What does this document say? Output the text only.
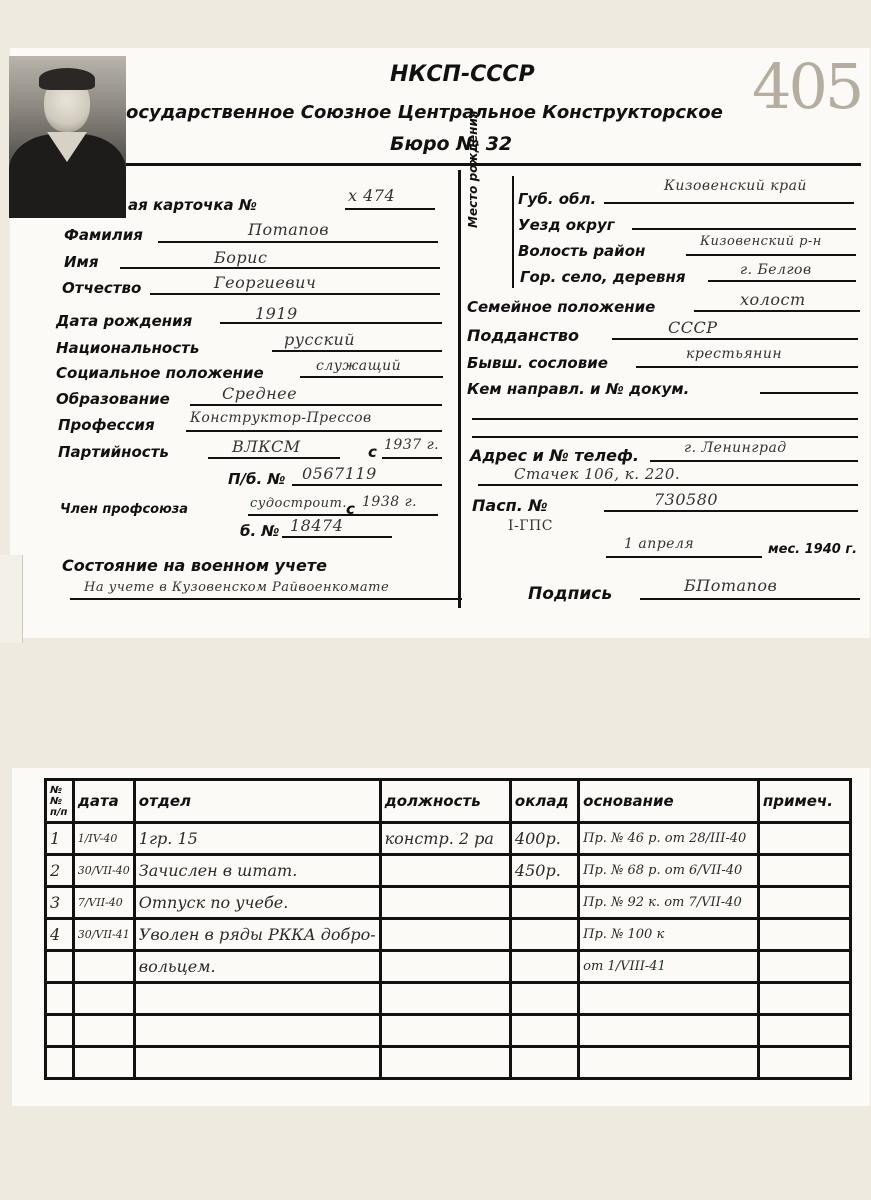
405
НКСП-СССР
осударственное Союзное Центральное Конструкторское
Бюро № 32
ая карточка №	x 474
Фамилия	Потапов
Имя	Борис
Отчество	Георгиевич
Дата рождения	1919
Национальность	русский
Социальное положение	служащий
Образование	Среднее
Профессия	Конструктор-Прессов
Партийность	ВЛКСМ	с 1937 г.
П/б. № 0567119
Член профсоюза	судостроит. с 1938 г.
б. № 18474
Состояние на военном учете
На учете в Кузовенском Райвоенкомате
Место рождения	Губ. обл.
Кизовенский край
Уезд округ
Волость район
Кизовенский р-н
Гор. село, деревня	г. Белгов
Семейное положение	холост
Подданство	СССР
Бывш. сословие	крестьянин
Кем направл. и № докум.
Адрес и № телеф.	г. Ленинград
Стачек 106, к. 220.
Пасп. №	730580
I-ГПС
1 апреля	мес. 1940 г.
Подпись	БПотапов
№№ п/п	дата	отдел	должность	оклад	основание	примеч.
1	1/IV-40	1гр. 15	констр. 2 ра	400р.	Пр. № 46 р. от 28/III-40	
2	30/VII-40	Зачислен в штат.		450р.	Пр. № 68 р. от 6/VII-40	
3	7/VII-40	Отпуск по учебе.			Пр. № 92 к. от 7/VII-40	
4	30/VII-41	Уволен в ряды РККА добро-			Пр. № 100 к	
		вольцем.			от 1/VIII-41	
